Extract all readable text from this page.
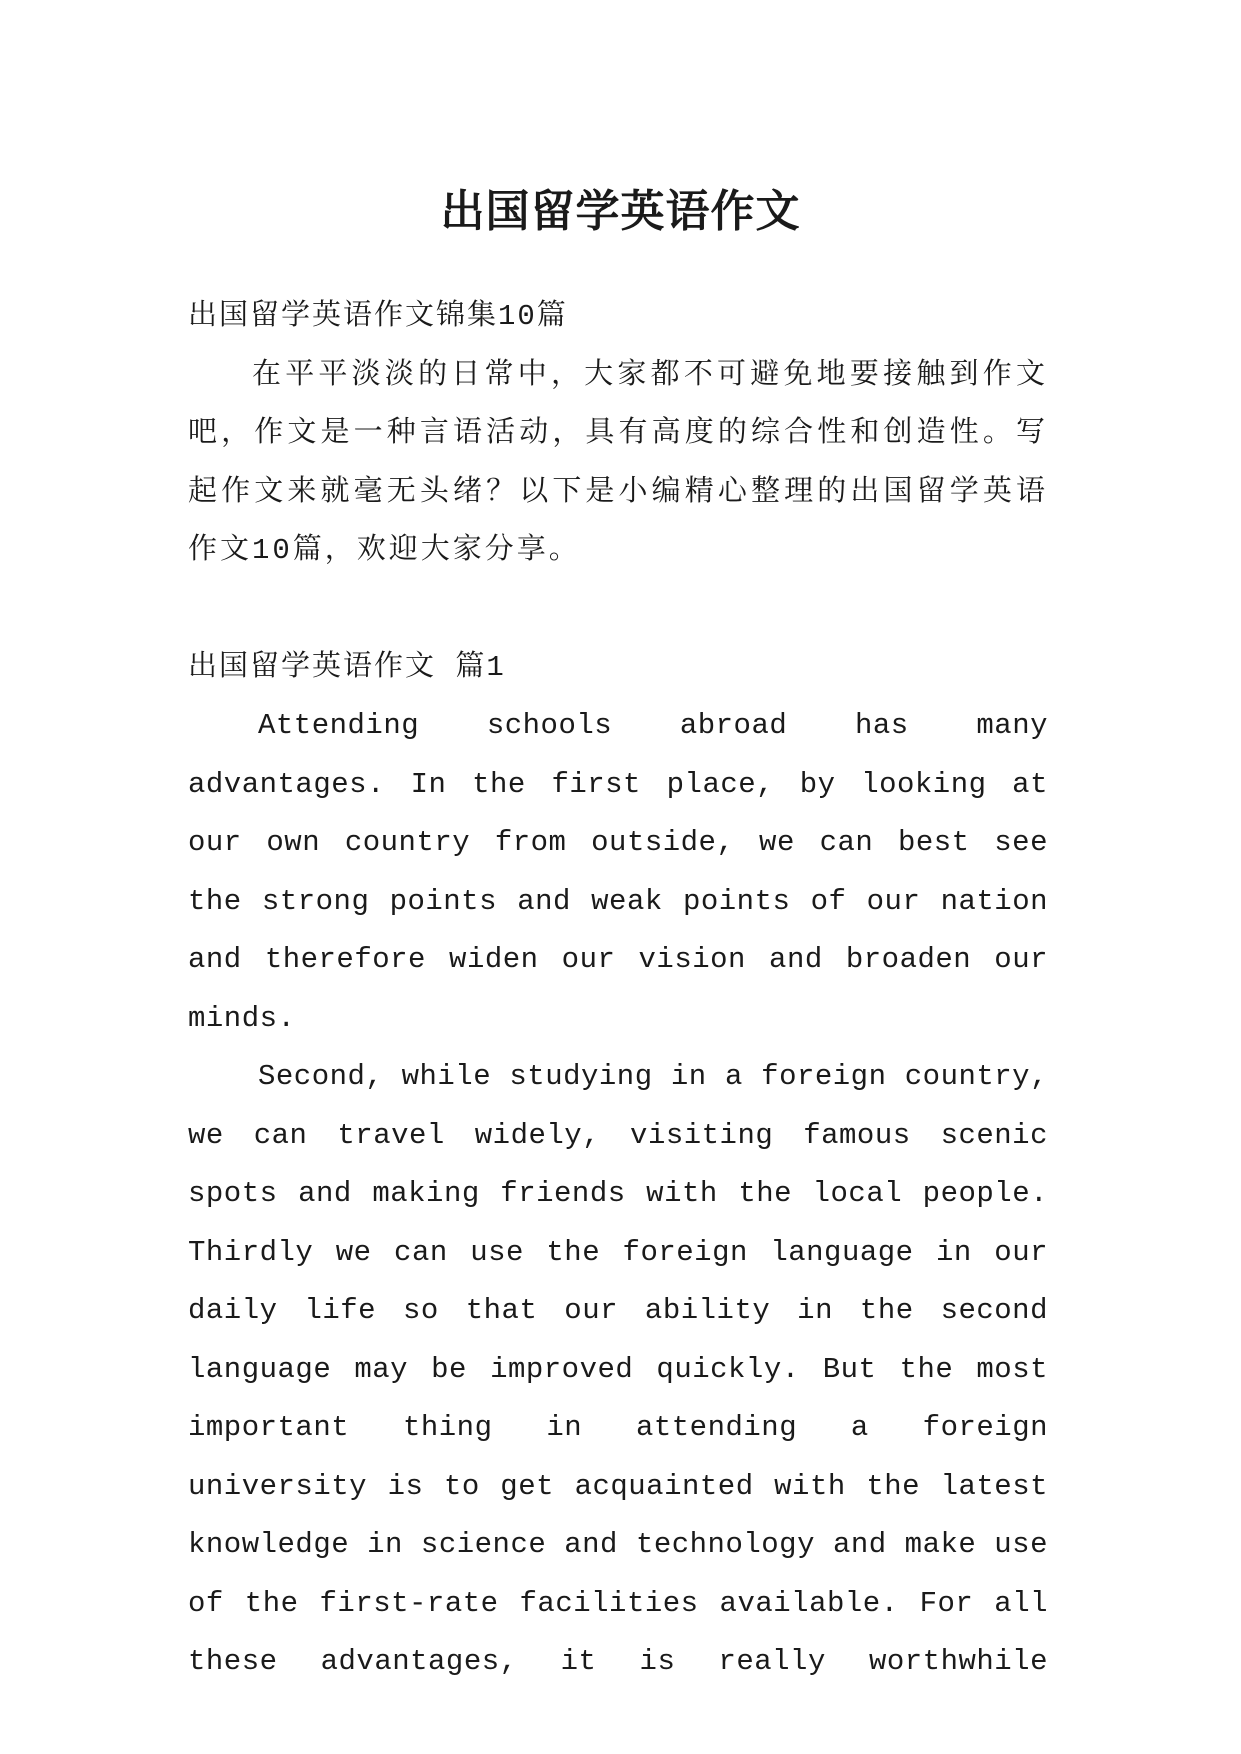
出国留学英语作文

出国留学英语作文锦集10篇

在平平淡淡的日常中，大家都不可避免地要接触到作文吧，作文是一种言语活动，具有高度的综合性和创造性。写起作文来就毫无头绪？以下是小编精心整理的出国留学英语作文10篇，欢迎大家分享。

出国留学英语作文 篇1

Attending schools abroad has many advantages. In the first place, by looking at our own country from outside, we can best see the strong points and weak points of our nation and therefore widen our vision and broaden our minds.

Second, while studying in a foreign country, we can travel widely, visiting famous scenic spots and making friends with the local people. Thirdly we can use the foreign language in our daily life so that our ability in the second language may be improved quickly. But the most important thing in attending a foreign university is to get acquainted with the latest knowledge in science and technology and make use of the first-rate facilities available. For all these advantages, it is really worthwhile
